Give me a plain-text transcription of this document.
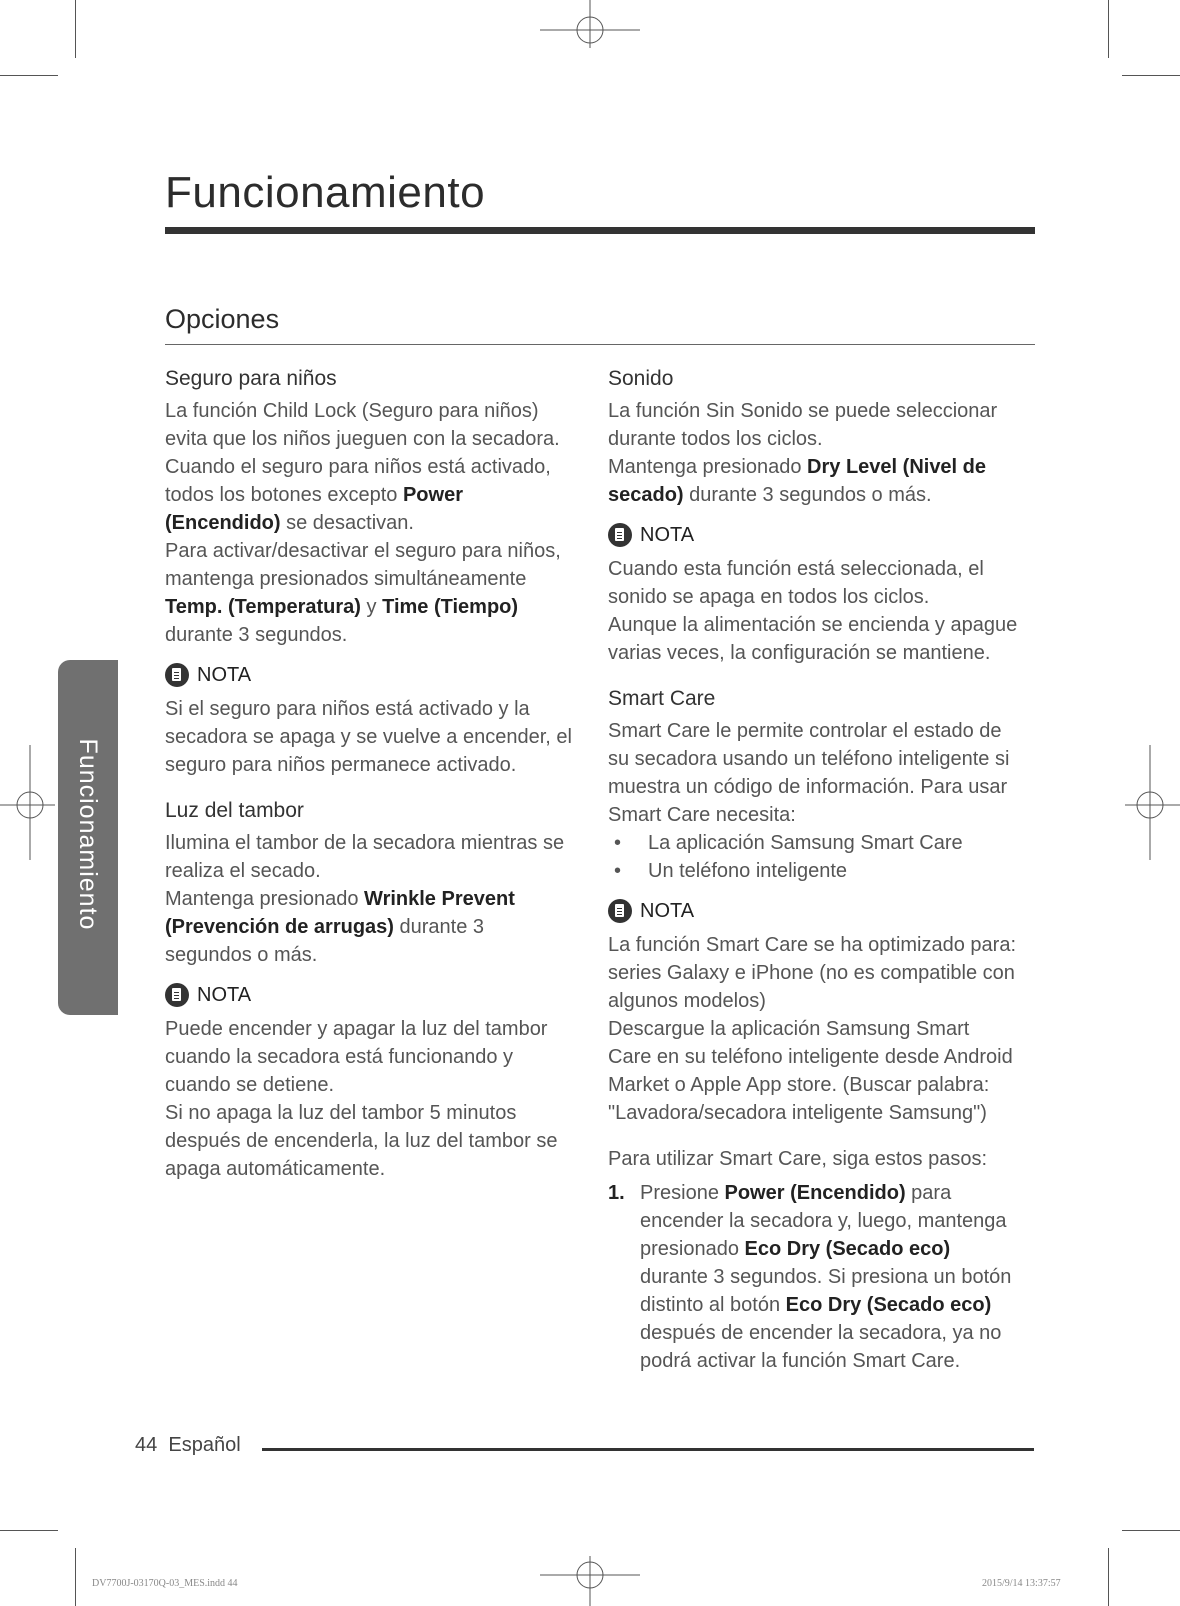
Funcionamiento
Opciones
Funcionamiento

Seguro para niños

La función Child Lock (Seguro para niños) evita que los niños jueguen con la secadora. Cuando el seguro para niños está activado, todos los botones excepto Power (Encendido) se desactivan.

Para activar/desactivar el seguro para niños, mantenga presionados simultáneamente Temp. (Temperatura) y Time (Tiempo) durante 3 segundos.

NOTA

Si el seguro para niños está activado y la secadora se apaga y se vuelve a encender, el seguro para niños permanece activado.

Luz del tambor

Ilumina el tambor de la secadora mientras se realiza el secado.

Mantenga presionado Wrinkle Prevent (Prevención de arrugas) durante 3 segundos o más.

NOTA

Puede encender y apagar la luz del tambor cuando la secadora está funcionando y cuando se detiene.

Si no apaga la luz del tambor 5 minutos después de encenderla, la luz del tambor se apaga automáticamente.

Sonido

La función Sin Sonido se puede seleccionar durante todos los ciclos.

Mantenga presionado Dry Level (Nivel de secado) durante 3 segundos o más.

NOTA

Cuando esta función está seleccionada, el sonido se apaga en todos los ciclos.

Aunque la alimentación se encienda y apague varias veces, la configuración se mantiene.

Smart Care

Smart Care le permite controlar el estado de su secadora usando un teléfono inteligente si muestra un código de información. Para usar Smart Care necesita:

•	La aplicación Samsung Smart Care

•	Un teléfono inteligente

NOTA

La función Smart Care se ha optimizado para: series Galaxy e iPhone (no es compatible con algunos modelos)

Descargue la aplicación Samsung Smart Care en su teléfono inteligente desde Android Market o Apple App store. (Buscar palabra: "Lavadora/secadora inteligente Samsung")

Para utilizar Smart Care, siga estos pasos:

1. Presione Power (Encendido) para encender la secadora y, luego, mantenga presionado Eco Dry (Secado eco) durante 3 segundos. Si presiona un botón distinto al botón Eco Dry (Secado eco) después de encender la secadora, ya no podrá activar la función Smart Care.
44 Español
DV7700J-03170Q-03_MES.indd 44	2015/9/14 13:37:57
